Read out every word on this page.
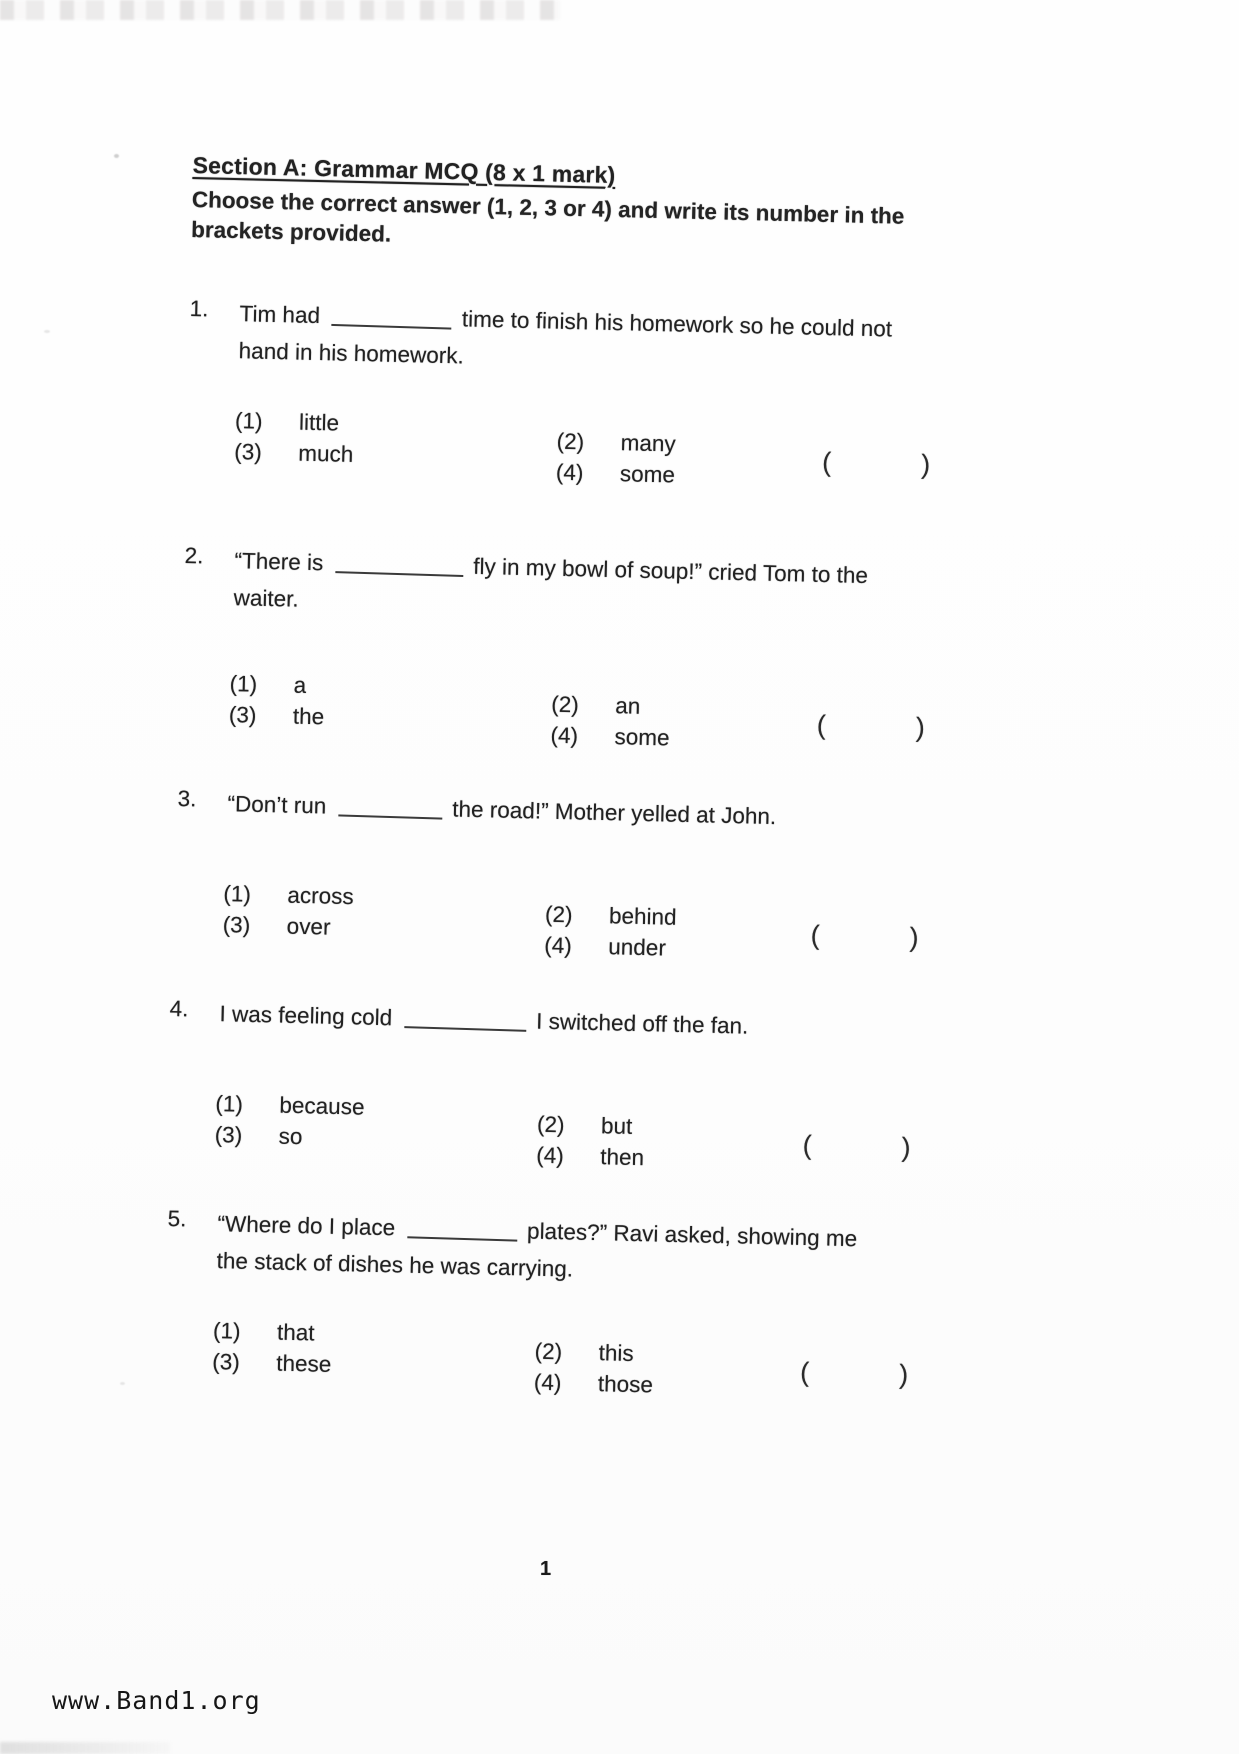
Section A: Grammar MCQ (8 x 1 mark)
Choose the correct answer (1, 2, 3 or 4) and write its number in the brackets provided.
1.	Tim had	time to finish his homework so he could not
hand in his homework.
(1)	little
(3)	much	(2)	many
(4)	some	(	)
2.	“There is	fly in my bowl of soup!” cried Tom to the
waiter.
(1)	a
(3)	the	(2)	an
(4)	some	(	)
3.	“Don’t run	the road!” Mother yelled at John.
(1)	across
(3)	over	(2)	behind
(4)	under	(	)
4.	I was feeling cold	I switched off the fan.
(1)	because
(3)	so	(2)	but
(4)	then	(	)
5.	“Where do I place	plates?” Ravi asked, showing me
the stack of dishes he was carrying.
(1)	that
(3)	these	(2)	this
(4)	those	(	)
1
www.Band1.org
